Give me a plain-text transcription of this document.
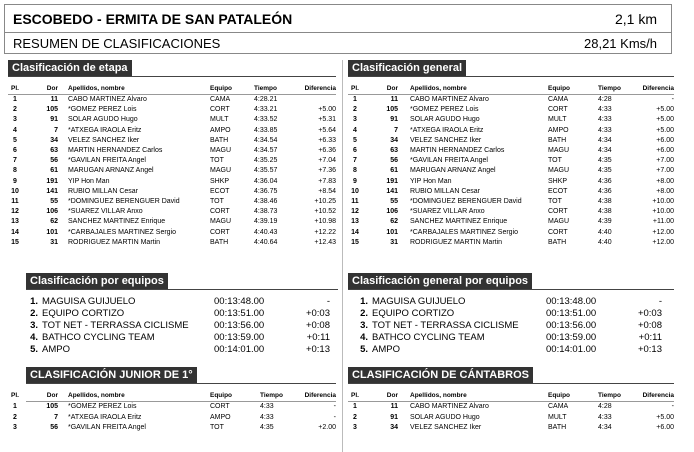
ESCOBEDO - ERMITA DE SAN PATALEÓN	2,1 km
RESUMEN DE CLASIFICACIONES	28,21 Kms/h
Clasificación de etapa
Pl.	Dor Apellidos, nombre	Equipo	Tiempo	Diferencia
1	11 CABO MARTINEZ Alvaro	CAMA	4:28.21
2	105 *GOMEZ PEREZ Lois	CORT	4:33.21	+5.00
3	91 SOLAR AGUDO Hugo	MULT	4:33.52	+5.31
4	7 *ATXEGA IRAOLA Eritz	AMPO	4:33.85	+5.64
5	34 VELEZ SANCHEZ Iker	BATH	4:34.54	+6.33
6	63 MARTIN HERNANDEZ Carlos	MAGU	4:34.57	+6.36
7	56 *GAVILAN FREITA Angel	TOT	4:35.25	+7.04
8	61 MARUGAN ARNANZ Angel	MAGU	4:35.57	+7.36
9	191 YIP Hon Man	SHKP	4:36.04	+7.83
10	141 RUBIO MILLAN Cesar	ECOT	4:36.75	+8.54
11	55 *DOMINGUEZ BERENGUER David	TOT	4:38.46	+10.25
12	106 *SUAREZ VILLAR Anxo	CORT	4:38.73	+10.52
13	62 SANCHEZ MARTINEZ Enrique	MAGU	4:39.19	+10.98
14	101 *CARBAJALES MARTINEZ Sergio	CORT	4:40.43	+12.22
15	31 RODRIGUEZ MARTIN Martin	BATH	4:40.64	+12.43
Clasificación general
Pl.	Dor Apellidos, nombre	Equipo	Tiempo	Diferencia
1	11 CABO MARTINEZ Alvaro	CAMA	4:28	-
2	105 *GOMEZ PEREZ Lois	CORT	4:33	+5.00
3	91 SOLAR AGUDO Hugo	MULT	4:33	+5.00
4	7 *ATXEGA IRAOLA Eritz	AMPO	4:33	+5.00
5	34 VELEZ SANCHEZ Iker	BATH	4:34	+6.00
6	63 MARTIN HERNANDEZ Carlos	MAGU	4:34	+6.00
7	56 *GAVILAN FREITA Angel	TOT	4:35	+7.00
8	61 MARUGAN ARNANZ Angel	MAGU	4:35	+7.00
9	191 YIP Hon Man	SHKP	4:36	+8.00
10	141 RUBIO MILLAN Cesar	ECOT	4:36	+8.00
11	55 *DOMINGUEZ BERENGUER David	TOT	4:38	+10.00
12	106 *SUAREZ VILLAR Anxo	CORT	4:38	+10.00
13	62 SANCHEZ MARTINEZ Enrique	MAGU	4:39	+11.00
14	101 *CARBAJALES MARTINEZ Sergio	CORT	4:40	+12.00
15	31 RODRIGUEZ MARTIN Martin	BATH	4:40	+12.00
Clasificación por equipos
1. MAGUISA GUIJUELO	00:13:48.00	-
2. EQUIPO CORTIZO	00:13:51.00	+0:03
3. TOT NET - TERRASSA CICLISME	00:13:56.00	+0:08
4. BATHCO CYCLING TEAM	00:13:59.00	+0:11
5. AMPO	00:14:01.00	+0:13
Clasificación general por equipos
1. MAGUISA GUIJUELO	00:13:48.00	-
2. EQUIPO CORTIZO	00:13:51.00	+0:03
3. TOT NET - TERRASSA CICLISME	00:13:56.00	+0:08
4. BATHCO CYCLING TEAM	00:13:59.00	+0:11
5. AMPO	00:14:01.00	+0:13
CLASIFICACIÓN JUNIOR DE 1°
Pl.	Dor Apellidos, nombre	Equipo	Tiempo	Diferencia
1	105 *GOMEZ PEREZ Lois	CORT	4:33	-
2	7 *ATXEGA IRAOLA Eritz	AMPO	4:33	-
3	56 *GAVILAN FREITA Angel	TOT	4:35	+2.00
CLASIFICACIÓN DE CÁNTABROS
Pl.	Dor Apellidos, nombre	Equipo	Tiempo	Diferencia
1	11 CABO MARTINEZ Alvaro	CAMA	4:28	-
2	91 SOLAR AGUDO Hugo	MULT	4:33	+5.00
3	34 VELEZ SANCHEZ Iker	BATH	4:34	+6.00
